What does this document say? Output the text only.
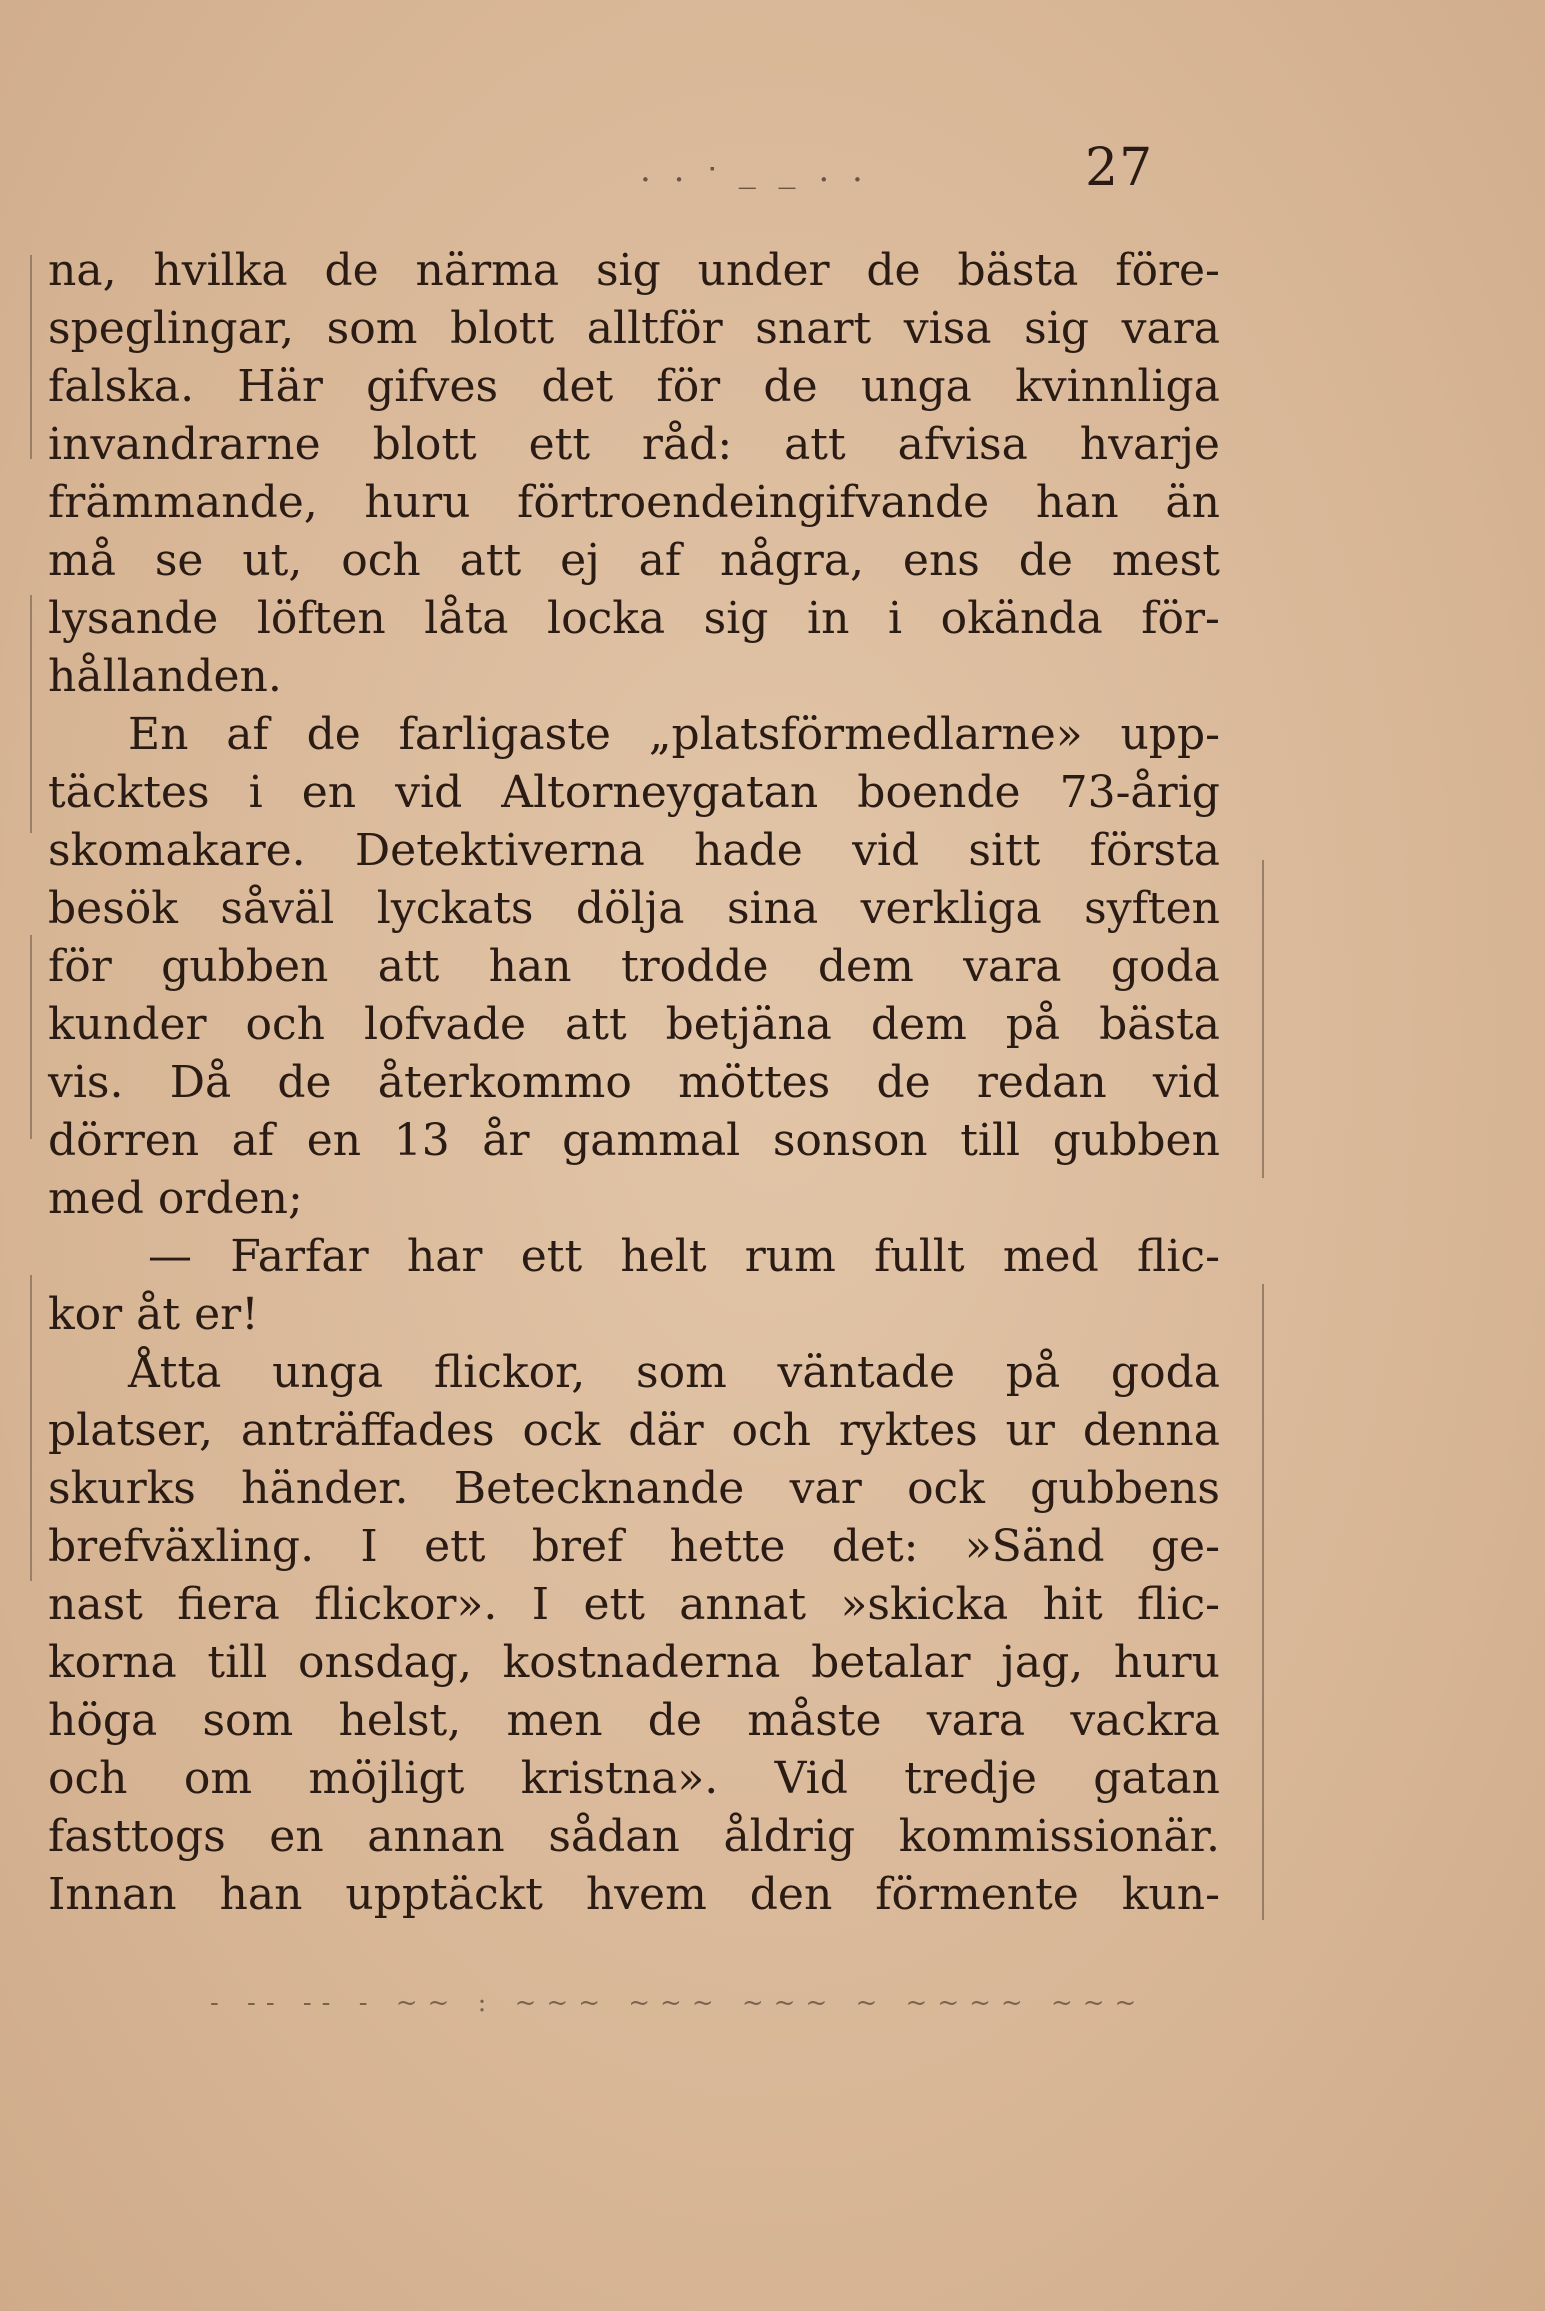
. . ᐧ _ _ . .	27
na, hvilka de närma sig under de bästa före-
speglingar, som blott alltför snart visa sig vara
falska. Här gifves det för de unga kvinnliga
invandrarne blott ett råd: att afvisa hvarje
främmande, huru förtroendeingifvande han än
må se ut, och att ej af några, ens de mest
lysande löften låta locka sig in i okända för-
hållanden.
En af de farligaste „platsförmedlarne» upp-
täcktes i en vid Altorneygatan boende 73-årig
skomakare. Detektiverna hade vid sitt första
besök såväl lyckats dölja sina verkliga syften
för gubben att han trodde dem vara goda
kunder och lofvade att betjäna dem på bästa
vis. Då de återkommo möttes de redan vid
dörren af en 13 år gammal sonson till gubben
med orden;
— Farfar har ett helt rum fullt med flic-
kor åt er!
Åtta unga flickor, som väntade på goda
platser, anträffades ock där och ryktes ur denna
skurks händer. Betecknande var ock gubbens
brefväxling. I ett bref hette det: »Sänd ge-
nast fiera flickor». I ett annat »skicka hit flic-
korna till onsdag, kostnaderna betalar jag, huru
höga som helst, men de måste vara vackra
och om möjligt kristna». Vid tredje gatan
fasttogs en annan sådan åldrig kommissionär.
Innan han upptäckt hvem den förmente kun-
- -- -- - ~~ : ~~~ ~~~ ~~~ ~ ~~~~ ~~~
